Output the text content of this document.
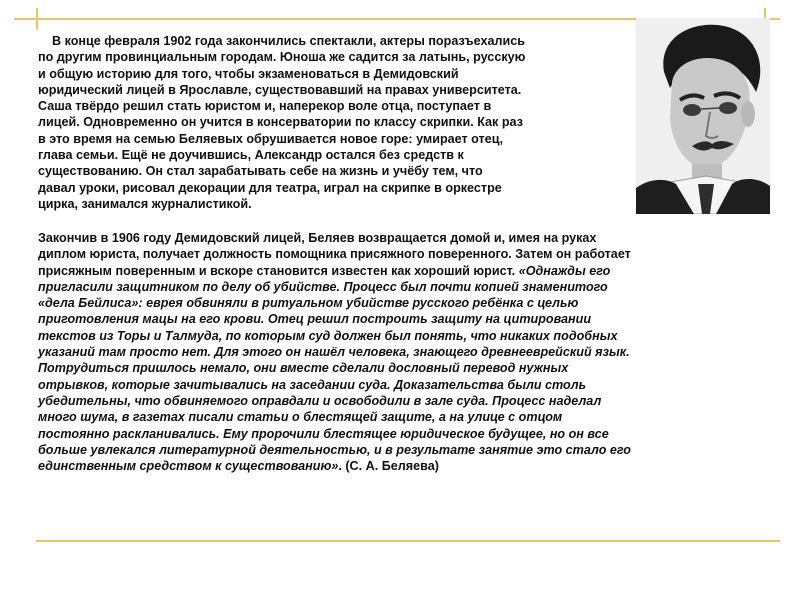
В конце февраля 1902 года закончились спектакли, актеры поразъехались
по другим провинциальным городам. Юноша же садится за латынь, русскую
и общую историю для того, чтобы экзаменоваться в Демидовский
юридический лицей в Ярославле, существовавший на правах университета.
Саша твёрдо решил стать юристом и, наперекор воле отца, поступает в
лицей. Одновременно он учится в консерватории по классу скрипки. Как раз
в это время на семью Беляевых обрушивается новое горе: умирает отец,
глава семьи. Ещё не доучившись, Александр остался без средств к
существованию. Он стал зарабатывать себе на жизнь и учёбу тем, что
давал уроки, рисовал декорации для театра, играл на скрипке в оркестре
цирка, занимался журналистикой.
Закончив в 1906 году Демидовский лицей, Беляев возвращается домой и, имея на руках
диплом юриста, получает должность помощника присяжного поверенного. Затем он работает
присяжным поверенным и вскоре становится известен как хороший юрист. «Однажды его
пригласили защитником по делу об убийстве. Процесс был почти копией знаменитого
«дела Бейлиса»: еврея обвиняли в ритуальном убийстве русского ребёнка с целью
приготовления мацы на его крови. Отец решил построить защиту на цитировании
текстов из Торы и Талмуда, по которым суд должен был понять, что никаких подобных
указаний там просто нет. Для этого он нашёл человека, знающего древнееврейский язык.
Потрудиться пришлось немало, они вместе сделали дословный перевод нужных
отрывков, которые зачитывались на заседании суда. Доказательства были столь
убедительны, что обвиняемого оправдали и освободили в зале суда. Процесс наделал
много шума, в газетах писали статьи о блестящей защите, а на улице с отцом
постоянно раскланивались. Ему пророчили блестящее юридическое будущее, но он все
больше увлекался литературной деятельностью, и в результате занятие это стало его
единственным средством к существованию». (С. А. Беляева)
